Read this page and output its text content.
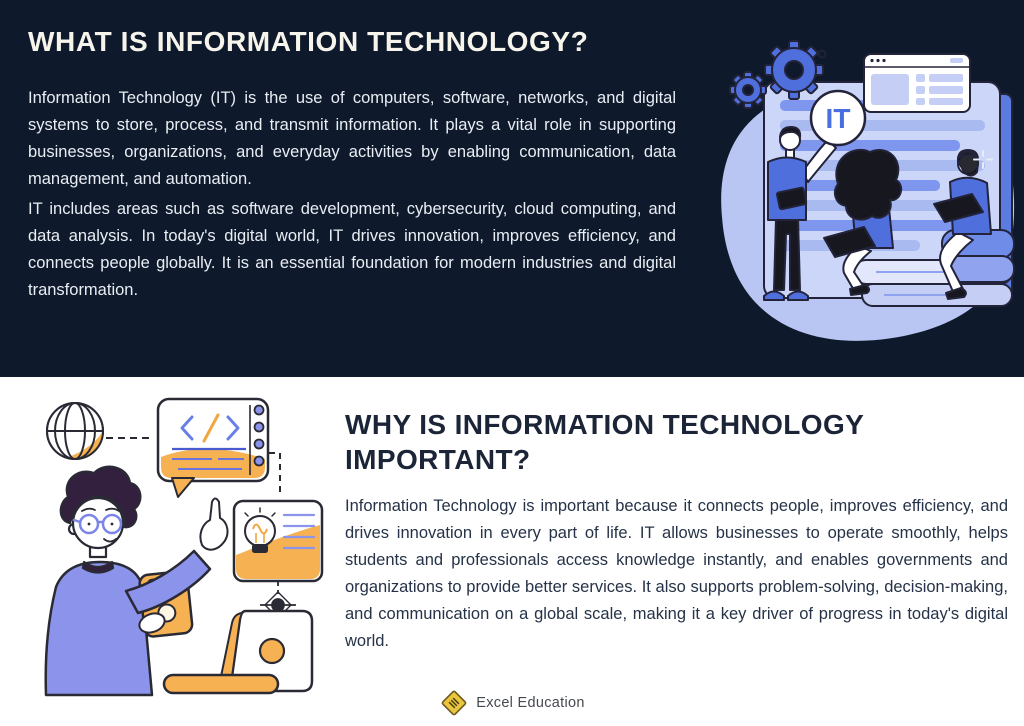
WHAT IS INFORMATION TECHNOLOGY?

Information Technology (IT) is the use of computers, software, networks, and digital systems to store, process, and transmit information. It plays a vital role in supporting businesses, organizations, and everyday activities by enabling communication, data management, and automation.

IT includes areas such as software development, cybersecurity, cloud computing, and data analysis. In today's digital world, IT drives innovation, improves efficiency, and connects people globally. It is an essential foundation for modern industries and digital transformation.

IT
WHY IS INFORMATION TECHNOLOGY IMPORTANT?

Information Technology is important because it connects people, improves efficiency, and drives innovation in every part of life. IT allows businesses to operate smoothly, helps students and professionals access knowledge instantly, and enables governments and organizations to provide better services. It also supports problem-solving, decision-making, and communication on a global scale, making it a key driver of progress in today's digital world.

Excel Education
